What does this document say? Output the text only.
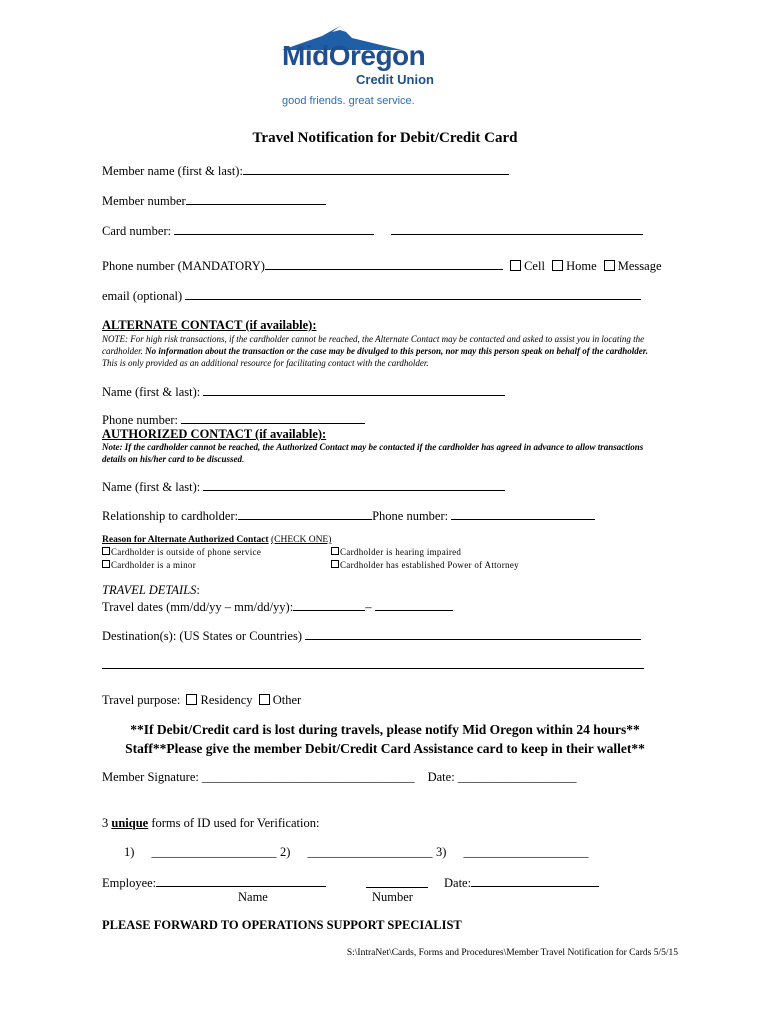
MidOregon
Credit Union
good friends. great service.
Travel Notification for Debit/Credit Card
Member name (first & last):
Member number
Card number:
Phone number (MANDATORY)	Cell Home Message
email (optional)
ALTERNATE CONTACT (if available):
NOTE: For high risk transactions, if the cardholder cannot be reached, the Alternate Contact may be contacted and asked to assist you in locating the cardholder. No information about the transaction or the case may be divulged to this person, nor may this person speak on behalf of the cardholder. This is only provided as an additional resource for facilitating contact with the cardholder.
Name (first & last):
Phone number:
AUTHORIZED CONTACT (if available):
Note: If the cardholder cannot be reached, the Authorized Contact may be contacted if the cardholder has agreed in advance to allow transactions details on his/her card to be discussed.
Name (first & last):
Relationship to cardholder:	Phone number:
Reason for Alternate Authorized Contact (CHECK ONE)
Cardholder is outside of phone service	Cardholder is hearing impaired
Cardholder is a minor	Cardholder has established Power of Attorney
TRAVEL DETAILS:
Travel dates (mm/dd/yy – mm/dd/yy):	–
Destination(s): (US States or Countries)
Travel purpose: Residency Other
**If Debit/Credit card is lost during travels, please notify Mid Oregon within 24 hours**
Staff**Please give the member Debit/Credit Card Assistance card to keep in their wallet**
Member Signature: __________________________________ Date: ___________________
3 unique forms of ID used for Verification:
1) ____________________ 2) ____________________ 3) ____________________
Employee:	Date:
Name	Number
PLEASE FORWARD TO OPERATIONS SUPPORT SPECIALIST
S:\IntraNet\Cards, Forms and Procedures\Member Travel Notification for Cards 5/5/15
